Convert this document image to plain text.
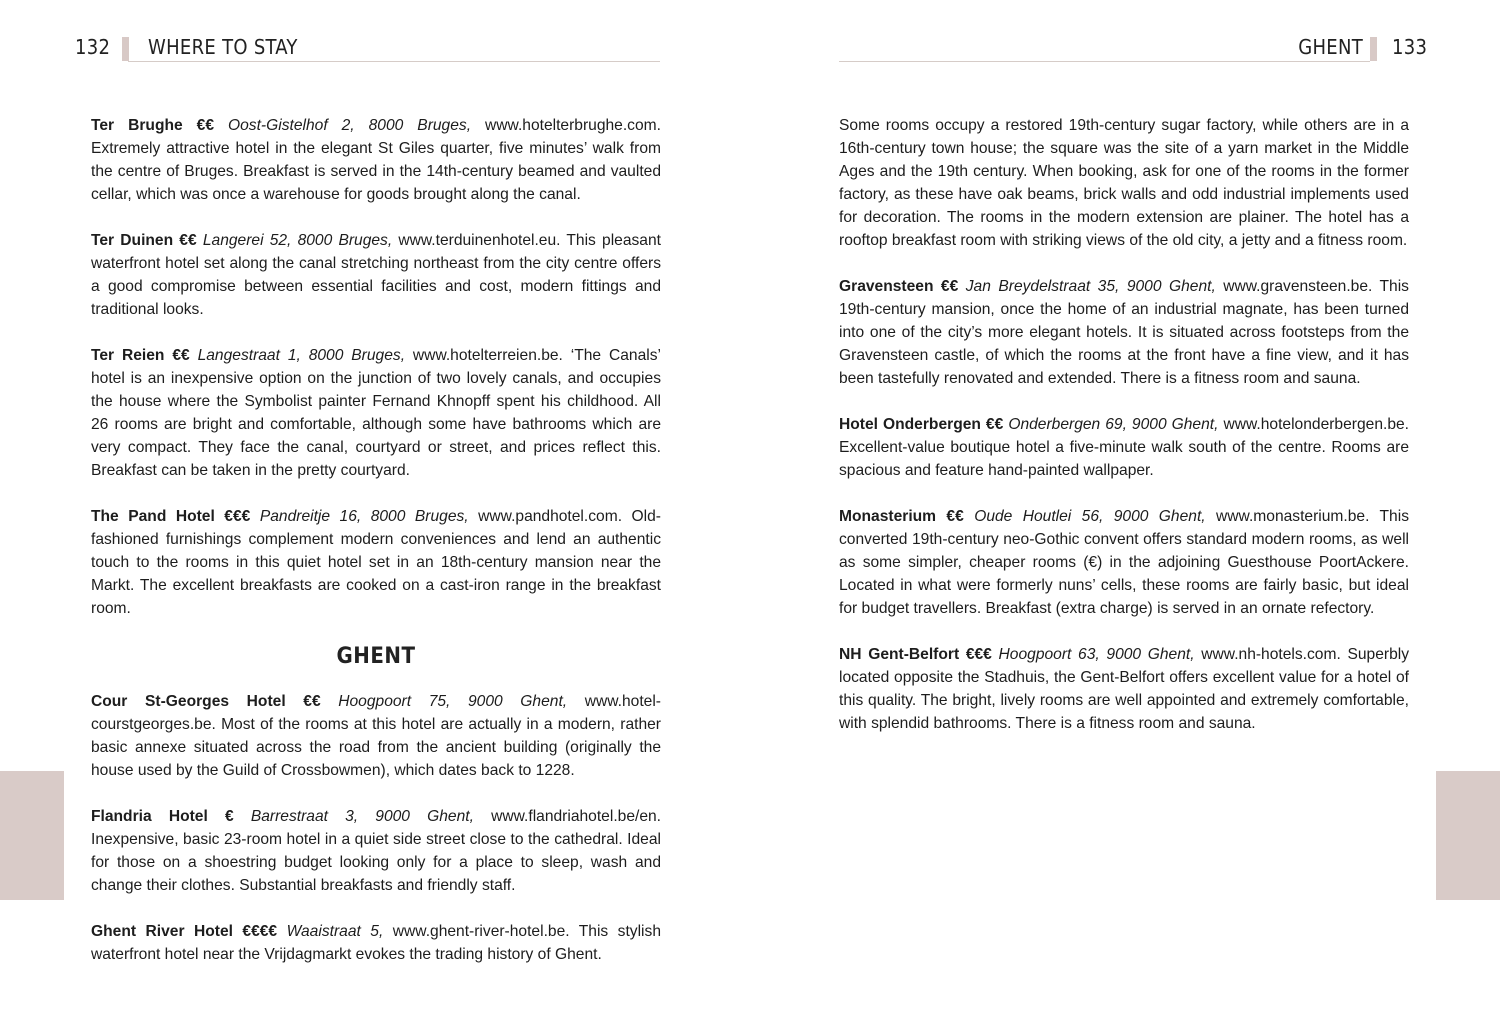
132 WHERE TO STAY

Ter Brughe €€ Oost-Gistelhof 2, 8000 Bruges, www.hotelterbrughe.com. Extremely attractive hotel in the elegant St Giles quarter, five minutes’ walk from the centre of Bruges. Breakfast is served in the 14th-century beamed and vaulted cellar, which was once a warehouse for goods brought along the canal.

Ter Duinen €€ Langerei 52, 8000 Bruges, www.terduinenhotel.eu. This pleasant waterfront hotel set along the canal stretching northeast from the city centre offers a good compromise between essential facilities and cost, modern fittings and traditional looks.

Ter Reien €€ Langestraat 1, 8000 Bruges, www.hotelterreien.be. ‘The Canals’ hotel is an inexpensive option on the junction of two lovely canals, and occupies the house where the Symbolist painter Fernand Khnopff spent his childhood. All 26 rooms are bright and comfortable, although some have bathrooms which are very compact. They face the canal, courtyard or street, and prices reflect this. Breakfast can be taken in the pretty courtyard.

The Pand Hotel €€€ Pandreitje 16, 8000 Bruges, www.pandhotel.com. Old-fashioned furnishings complement modern conveniences and lend an authentic touch to the rooms in this quiet hotel set in an 18th-century mansion near the Markt. The excellent breakfasts are cooked on a cast-iron range in the breakfast room.

GHENT

Cour St-Georges Hotel €€ Hoogpoort 75, 9000 Ghent, www.hotel-courstgeorges.be. Most of the rooms at this hotel are actually in a modern, rather basic annexe situated across the road from the ancient building (originally the house used by the Guild of Crossbowmen), which dates back to 1228.

Flandria Hotel € Barrestraat 3, 9000 Ghent, www.flandriahotel.be/en. Inexpensive, basic 23-room hotel in a quiet side street close to the cathedral. Ideal for those on a shoestring budget looking only for a place to sleep, wash and change their clothes. Substantial breakfasts and friendly staff.

Ghent River Hotel €€€€ Waaistraat 5, www.ghent-river-hotel.be. This stylish waterfront hotel near the Vrijdagmarkt evokes the trading history of Ghent.

GHENT 133

Some rooms occupy a restored 19th-century sugar factory, while others are in a 16th-century town house; the square was the site of a yarn market in the Middle Ages and the 19th century. When booking, ask for one of the rooms in the former factory, as these have oak beams, brick walls and odd industrial implements used for decoration. The rooms in the modern extension are plainer. The hotel has a rooftop breakfast room with striking views of the old city, a jetty and a fitness room.

Gravensteen €€ Jan Breydelstraat 35, 9000 Ghent, www.gravensteen.be. This 19th-century mansion, once the home of an industrial magnate, has been turned into one of the city’s more elegant hotels. It is situated across footsteps from the Gravensteen castle, of which the rooms at the front have a fine view, and it has been tastefully renovated and extended. There is a fitness room and sauna.

Hotel Onderbergen €€ Onderbergen 69, 9000 Ghent, www.hotelonderbergen.be. Excellent-value boutique hotel a five-minute walk south of the centre. Rooms are spacious and feature hand-painted wallpaper.

Monasterium €€ Oude Houtlei 56, 9000 Ghent, www.monasterium.be. This converted 19th-century neo-Gothic convent offers standard modern rooms, as well as some simpler, cheaper rooms (€) in the adjoining Guesthouse PoortAckere. Located in what were formerly nuns’ cells, these rooms are fairly basic, but ideal for budget travellers. Breakfast (extra charge) is served in an ornate refectory.

NH Gent-Belfort €€€ Hoogpoort 63, 9000 Ghent, www.nh-hotels.com. Superbly located opposite the Stadhuis, the Gent-Belfort offers excellent value for a hotel of this quality. The bright, lively rooms are well appointed and extremely comfortable, with splendid bathrooms. There is a fitness room and sauna.
